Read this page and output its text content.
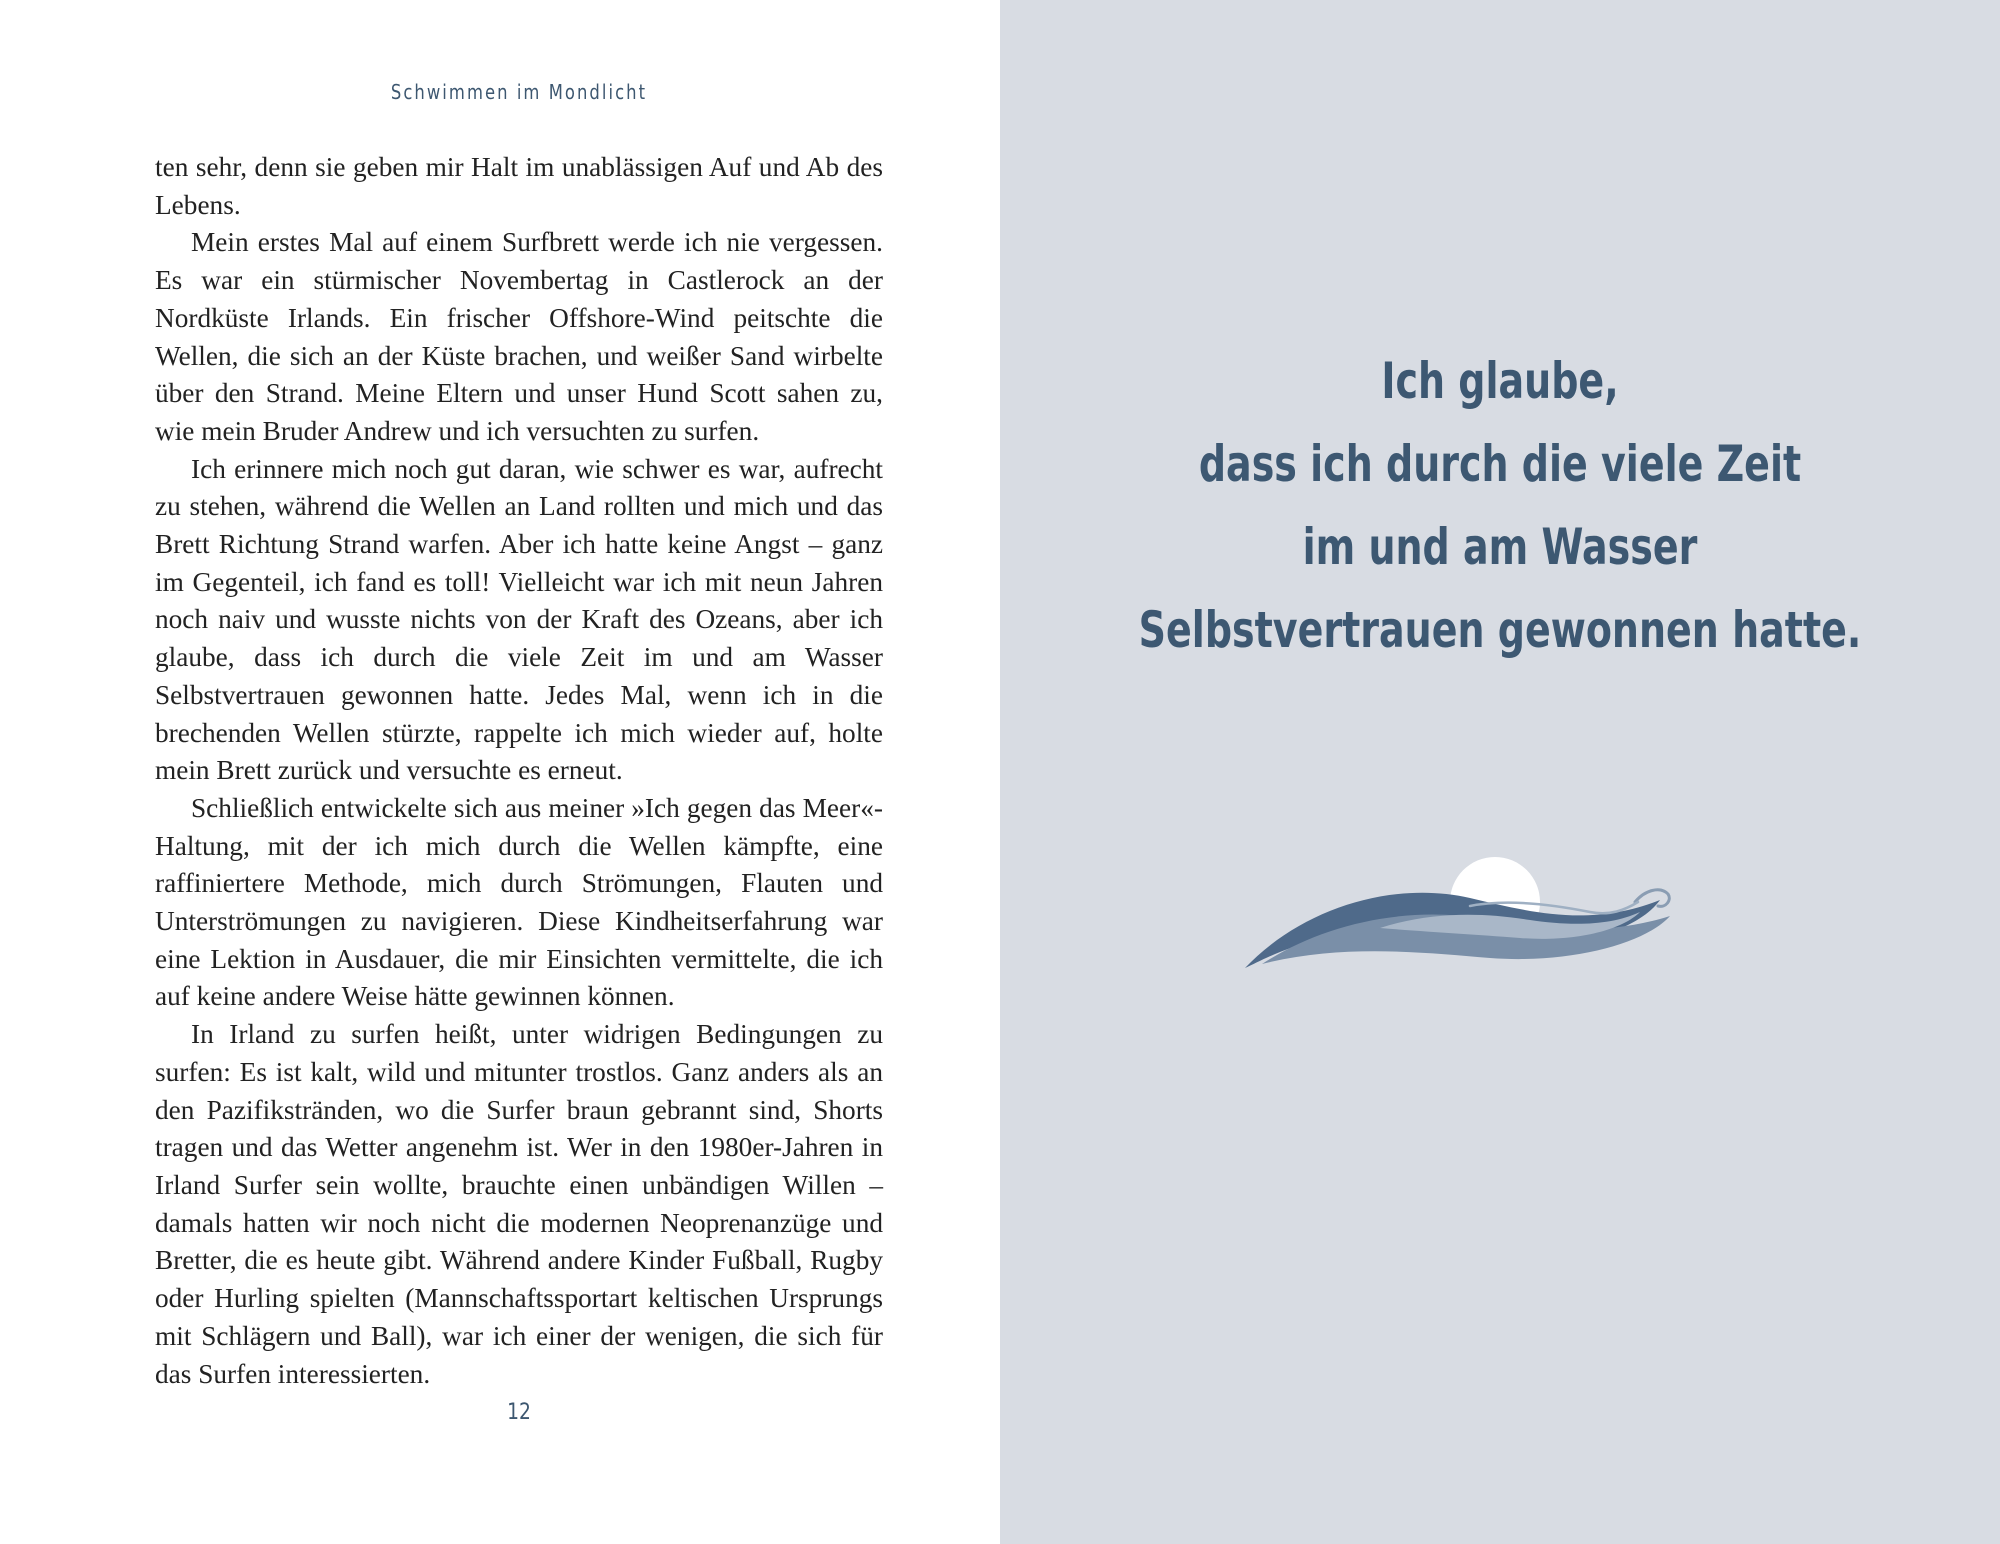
Schwimmen im Mondlicht

ten sehr, denn sie geben mir Halt im unablässigen Auf und Ab des Lebens.

Mein erstes Mal auf einem Surfbrett werde ich nie vergessen. Es war ein stürmischer Novembertag in Castlerock an der Nordküste Irlands. Ein frischer Offshore-Wind peitschte die Wellen, die sich an der Küste brachen, und weißer Sand wirbelte über den Strand. Meine Eltern und unser Hund Scott sahen zu, wie mein Bruder Andrew und ich versuchten zu surfen.

Ich erinnere mich noch gut daran, wie schwer es war, aufrecht zu stehen, während die Wellen an Land rollten und mich und das Brett Richtung Strand warfen. Aber ich hatte keine Angst – ganz im Gegenteil, ich fand es toll! Vielleicht war ich mit neun Jahren noch naiv und wusste nichts von der Kraft des Ozeans, aber ich glaube, dass ich durch die viele Zeit im und am Wasser Selbstvertrauen gewonnen hatte. Jedes Mal, wenn ich in die brechenden Wellen stürzte, rappelte ich mich wieder auf, holte mein Brett zurück und versuchte es erneut.

Schließlich entwickelte sich aus meiner »Ich gegen das Meer«-Haltung, mit der ich mich durch die Wellen kämpfte, eine raffiniertere Methode, mich durch Strömungen, Flauten und Unterströmungen zu navigieren. Diese Kindheitserfahrung war eine Lektion in Ausdauer, die mir Einsichten vermittelte, die ich auf keine andere Weise hätte gewinnen können.

In Irland zu surfen heißt, unter widrigen Bedingungen zu surfen: Es ist kalt, wild und mitunter trostlos. Ganz anders als an den Pazifikstränden, wo die Surfer braun gebrannt sind, Shorts tragen und das Wetter angenehm ist. Wer in den 1980er-Jahren in Irland Surfer sein wollte, brauchte einen unbändigen Willen – damals hatten wir noch nicht die modernen Neoprenanzüge und Bretter, die es heute gibt. Während andere Kinder Fußball, Rugby oder Hurling spielten (Mannschaftssportart keltischen Ursprungs mit Schlägern und Ball), war ich einer der wenigen, die sich für das Surfen interessierten.

12
Ich glaube,
dass ich durch die viele Zeit
im und am Wasser
Selbstvertrauen gewonnen hatte.
